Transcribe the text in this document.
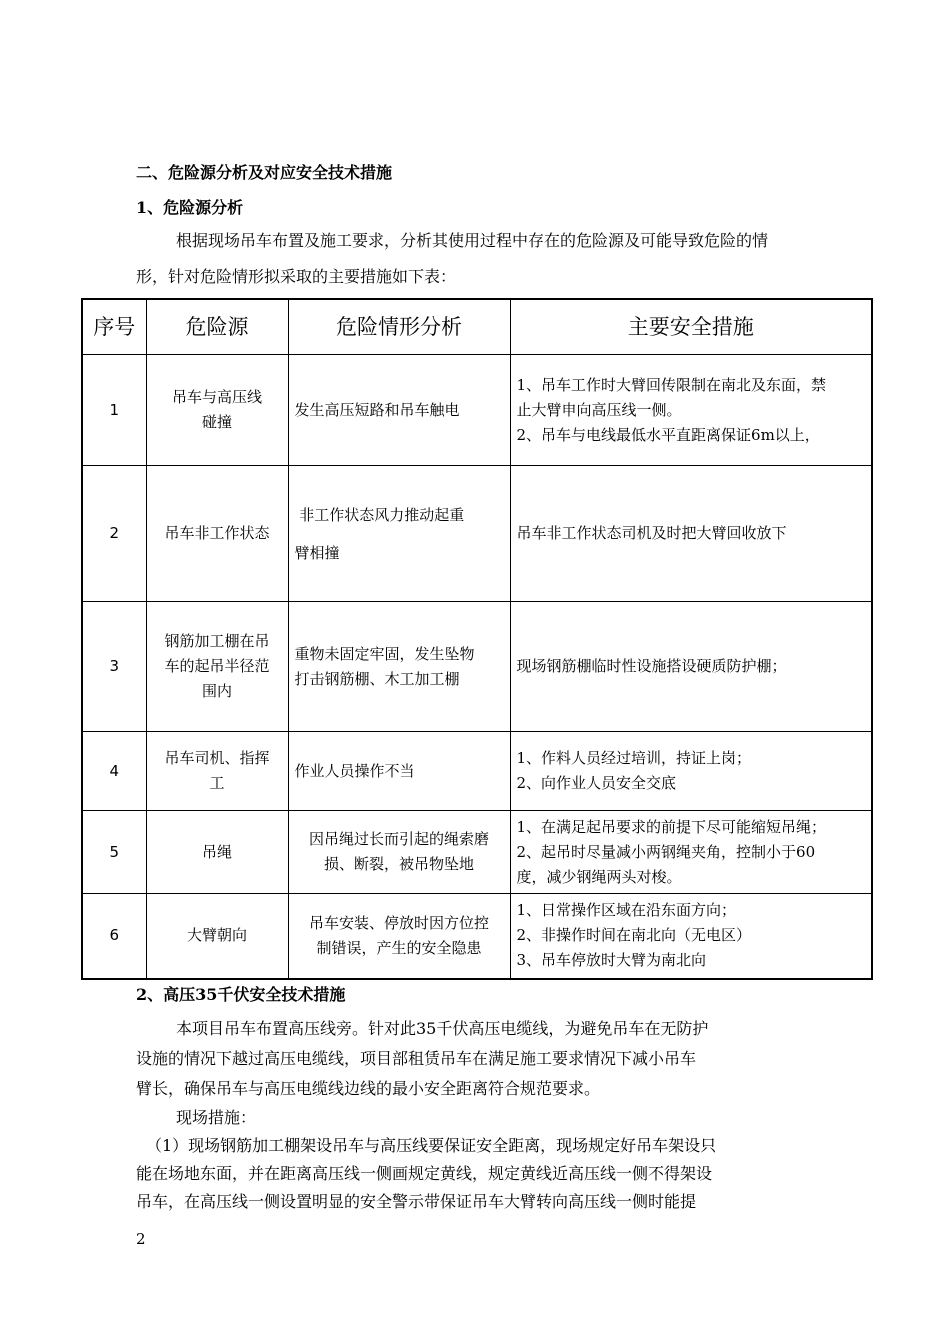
二、危险源分析及对应安全技术措施
1、危险源分析
根据现场吊车布置及施工要求，分析其使用过程中存在的危险源及可能导致危险的情
形，针对危险情形拟采取的主要措施如下表：
序号	危险源	危险情形分析	主要安全措施
1	吊车与高压线
碰撞	发生高压短路和吊车触电	1、吊车工作时大臂回传限制在南北及东面，禁
止大臂申向高压线一侧。
2、吊车与电线最低水平直距离保证6m以上，

2	吊车非工作状态	非工作状态风力推动起重
臂相撞	吊车非工作状态司机及时把大臂回收放下

3	钢筋加工棚在吊
车的起吊半径范
围内	重物未固定牢固，发生坠物
打击钢筋棚、木工加工棚	现场钢筋棚临时性设施搭设硬质防护棚；

4	吊车司机、指挥
工	作业人员操作不当	1、作料人员经过培训，持证上岗；
2、向作业人员安全交底

5	吊绳	因吊绳过长而引起的绳索磨
损、断裂，被吊物坠地	1、在满足起吊要求的前提下尽可能缩短吊绳；
2、起吊时尽量减小两钢绳夹角，控制小于60
度，减少钢绳两头对梭。

6	大臂朝向	吊车安装、停放时因方位控
制错误，产生的安全隐患	1、日常操作区域在沿东面方向；
2、非操作时间在南北向（无电区）
3、吊车停放时大臂为南北向
2、高压35千伏安全技术措施
本项目吊车布置高压线旁。针对此35千伏高压电缆线，为避免吊车在无防护
设施的情况下越过高压电缆线，项目部租赁吊车在满足施工要求情况下减小吊车
臂长，确保吊车与高压电缆线边线的最小安全距离符合规范要求。
现场措施：
（1）现场钢筋加工棚架设吊车与高压线要保证安全距离，现场规定好吊车架设只
能在场地东面，并在距离高压线一侧画规定黄线，规定黄线近高压线一侧不得架设
吊车，在高压线一侧设置明显的安全警示带保证吊车大臂转向高压线一侧时能提
2
